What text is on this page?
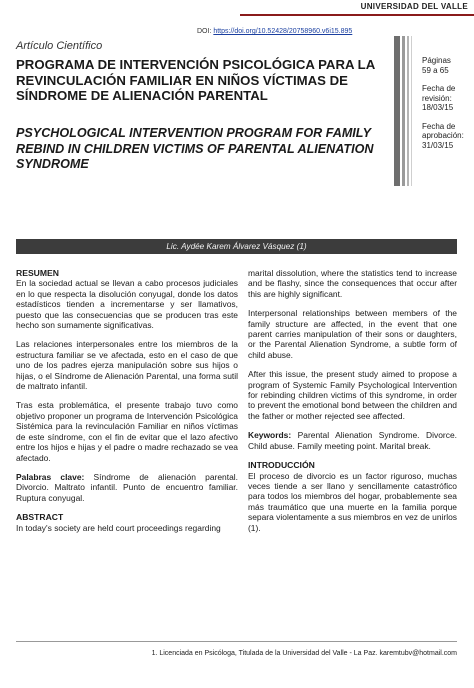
UNIVERSIDAD DEL VALLE
DOI: https://doi.org/10.52428/20758960.v6i15.895
Artículo Científico
PROGRAMA DE INTERVENCIÓN PSICOLÓGICA PARA LA REVINCULACIÓN FAMILIAR EN NIÑOS VÍCTIMAS DE SÍNDROME DE ALIENACIÓN PARENTAL
PSYCHOLOGICAL INTERVENTION PROGRAM FOR FAMILY REBIND IN CHILDREN VICTIMS OF PARENTAL ALIENATION SYNDROME
Páginas
59 a 65
Fecha de revisión:
18/03/15
Fecha de aprobación:
31/03/15
Lic. Aydée Karem Álvarez Vásquez (1)
RESUMEN

En la sociedad actual se llevan a cabo procesos judiciales en lo que respecta la disolución conyugal, donde los datos estadísticos tienden a incrementarse y ser llamativos, puesto que las consecuencias que se producen tras este hecho son sumamente significativas.

Las relaciones interpersonales entre los miembros de la estructura familiar se ve afectada, esto en el caso de que uno de los padres ejerza manipulación sobre sus hijos o hijas, o el Síndrome de Alienación Parental, una forma sutil de maltrato infantil.

Tras esta problemática, el presente trabajo tuvo como objetivo proponer un programa de Intervención Psicológica Sistémica para la revinculación Familiar en niños víctimas de este síndrome, con el fin de evitar que el lazo afectivo entre los hijos e hijas y el padre o madre rechazado se vea afectado.

Palabras clave: Síndrome de alienación parental. Divorcio. Maltrato infantil. Punto de encuentro familiar. Ruptura conyugal.

ABSTRACT

In today's society are held court proceedings regarding

marital dissolution, where the statistics tend to increase and be flashy, since the consequences that occur after this are highly significant.

Interpersonal relationships between members of the family structure are affected, in the event that one parent carries manipulation of their sons or daughters, or the Parental Alienation Syndrome, a subtle form of child abuse.

After this issue, the present study aimed to propose a program of Systemic Family Psychological Intervention for rebinding children victims of this syndrome, in order to prevent the emotional bond between the children and the father or mother rejected see affected.

Keywords: Parental Alienation Syndrome. Divorce. Child abuse. Family meeting point. Marital break.

INTRODUCCIÓN

El proceso de divorcio es un factor riguroso, muchas veces tiende a ser llano y sencillamente catastrófico para todos los miembros del hogar, probablemente sea más traumático que una muerte en la familia porque separa violentamente a sus miembros en vez de unirlos (1).

1. Licenciada en Psicóloga, Titulada de la Universidad del Valle - La Paz. karemtubv@hotmail.com
